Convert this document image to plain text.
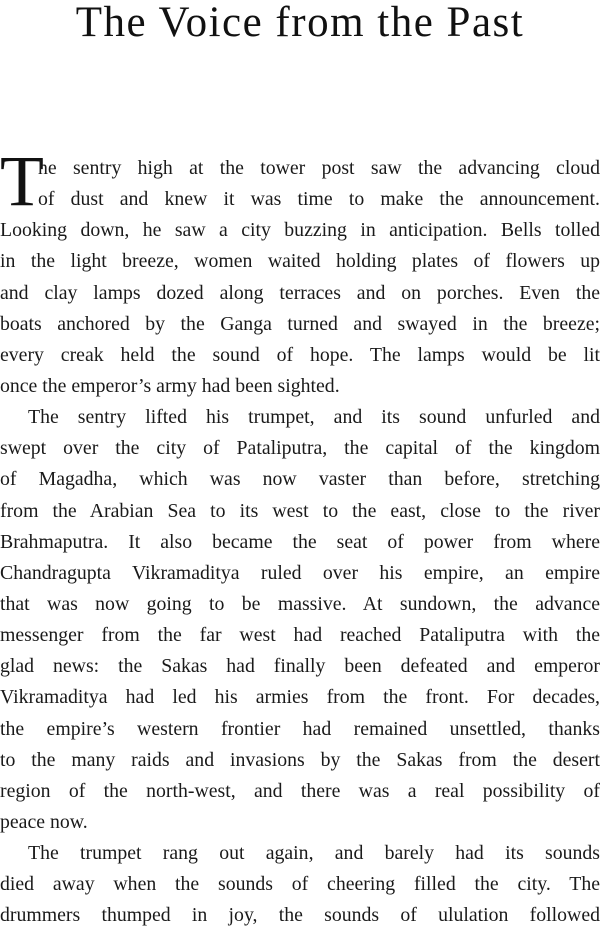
The Voice from the Past
T
he sentry high at the tower post saw the advancing cloud
of dust and knew it was time to make the announcement.
Looking down, he saw a city buzzing in anticipation. Bells tolled
in the light breeze, women waited holding plates of flowers up
and clay lamps dozed along terraces and on porches. Even the
boats anchored by the Ganga turned and swayed in the breeze;
every creak held the sound of hope. The lamps would be lit
once the emperor’s army had been sighted.
The sentry lifted his trumpet, and its sound unfurled and
swept over the city of Pataliputra, the capital of the kingdom
of Magadha, which was now vaster than before, stretching
from the Arabian Sea to its west to the east, close to the river
Brahmaputra. It also became the seat of power from where
Chandragupta Vikramaditya ruled over his empire, an empire
that was now going to be massive. At sundown, the advance
messenger from the far west had reached Pataliputra with the
glad news: the Sakas had finally been defeated and emperor
Vikramaditya had led his armies from the front. For decades,
the empire’s western frontier had remained unsettled, thanks
to the many raids and invasions by the Sakas from the desert
region of the north-west, and there was a real possibility of
peace now.
The trumpet rang out again, and barely had its sounds
died away when the sounds of cheering filled the city. The
drummers thumped in joy, the sounds of ululation followed
